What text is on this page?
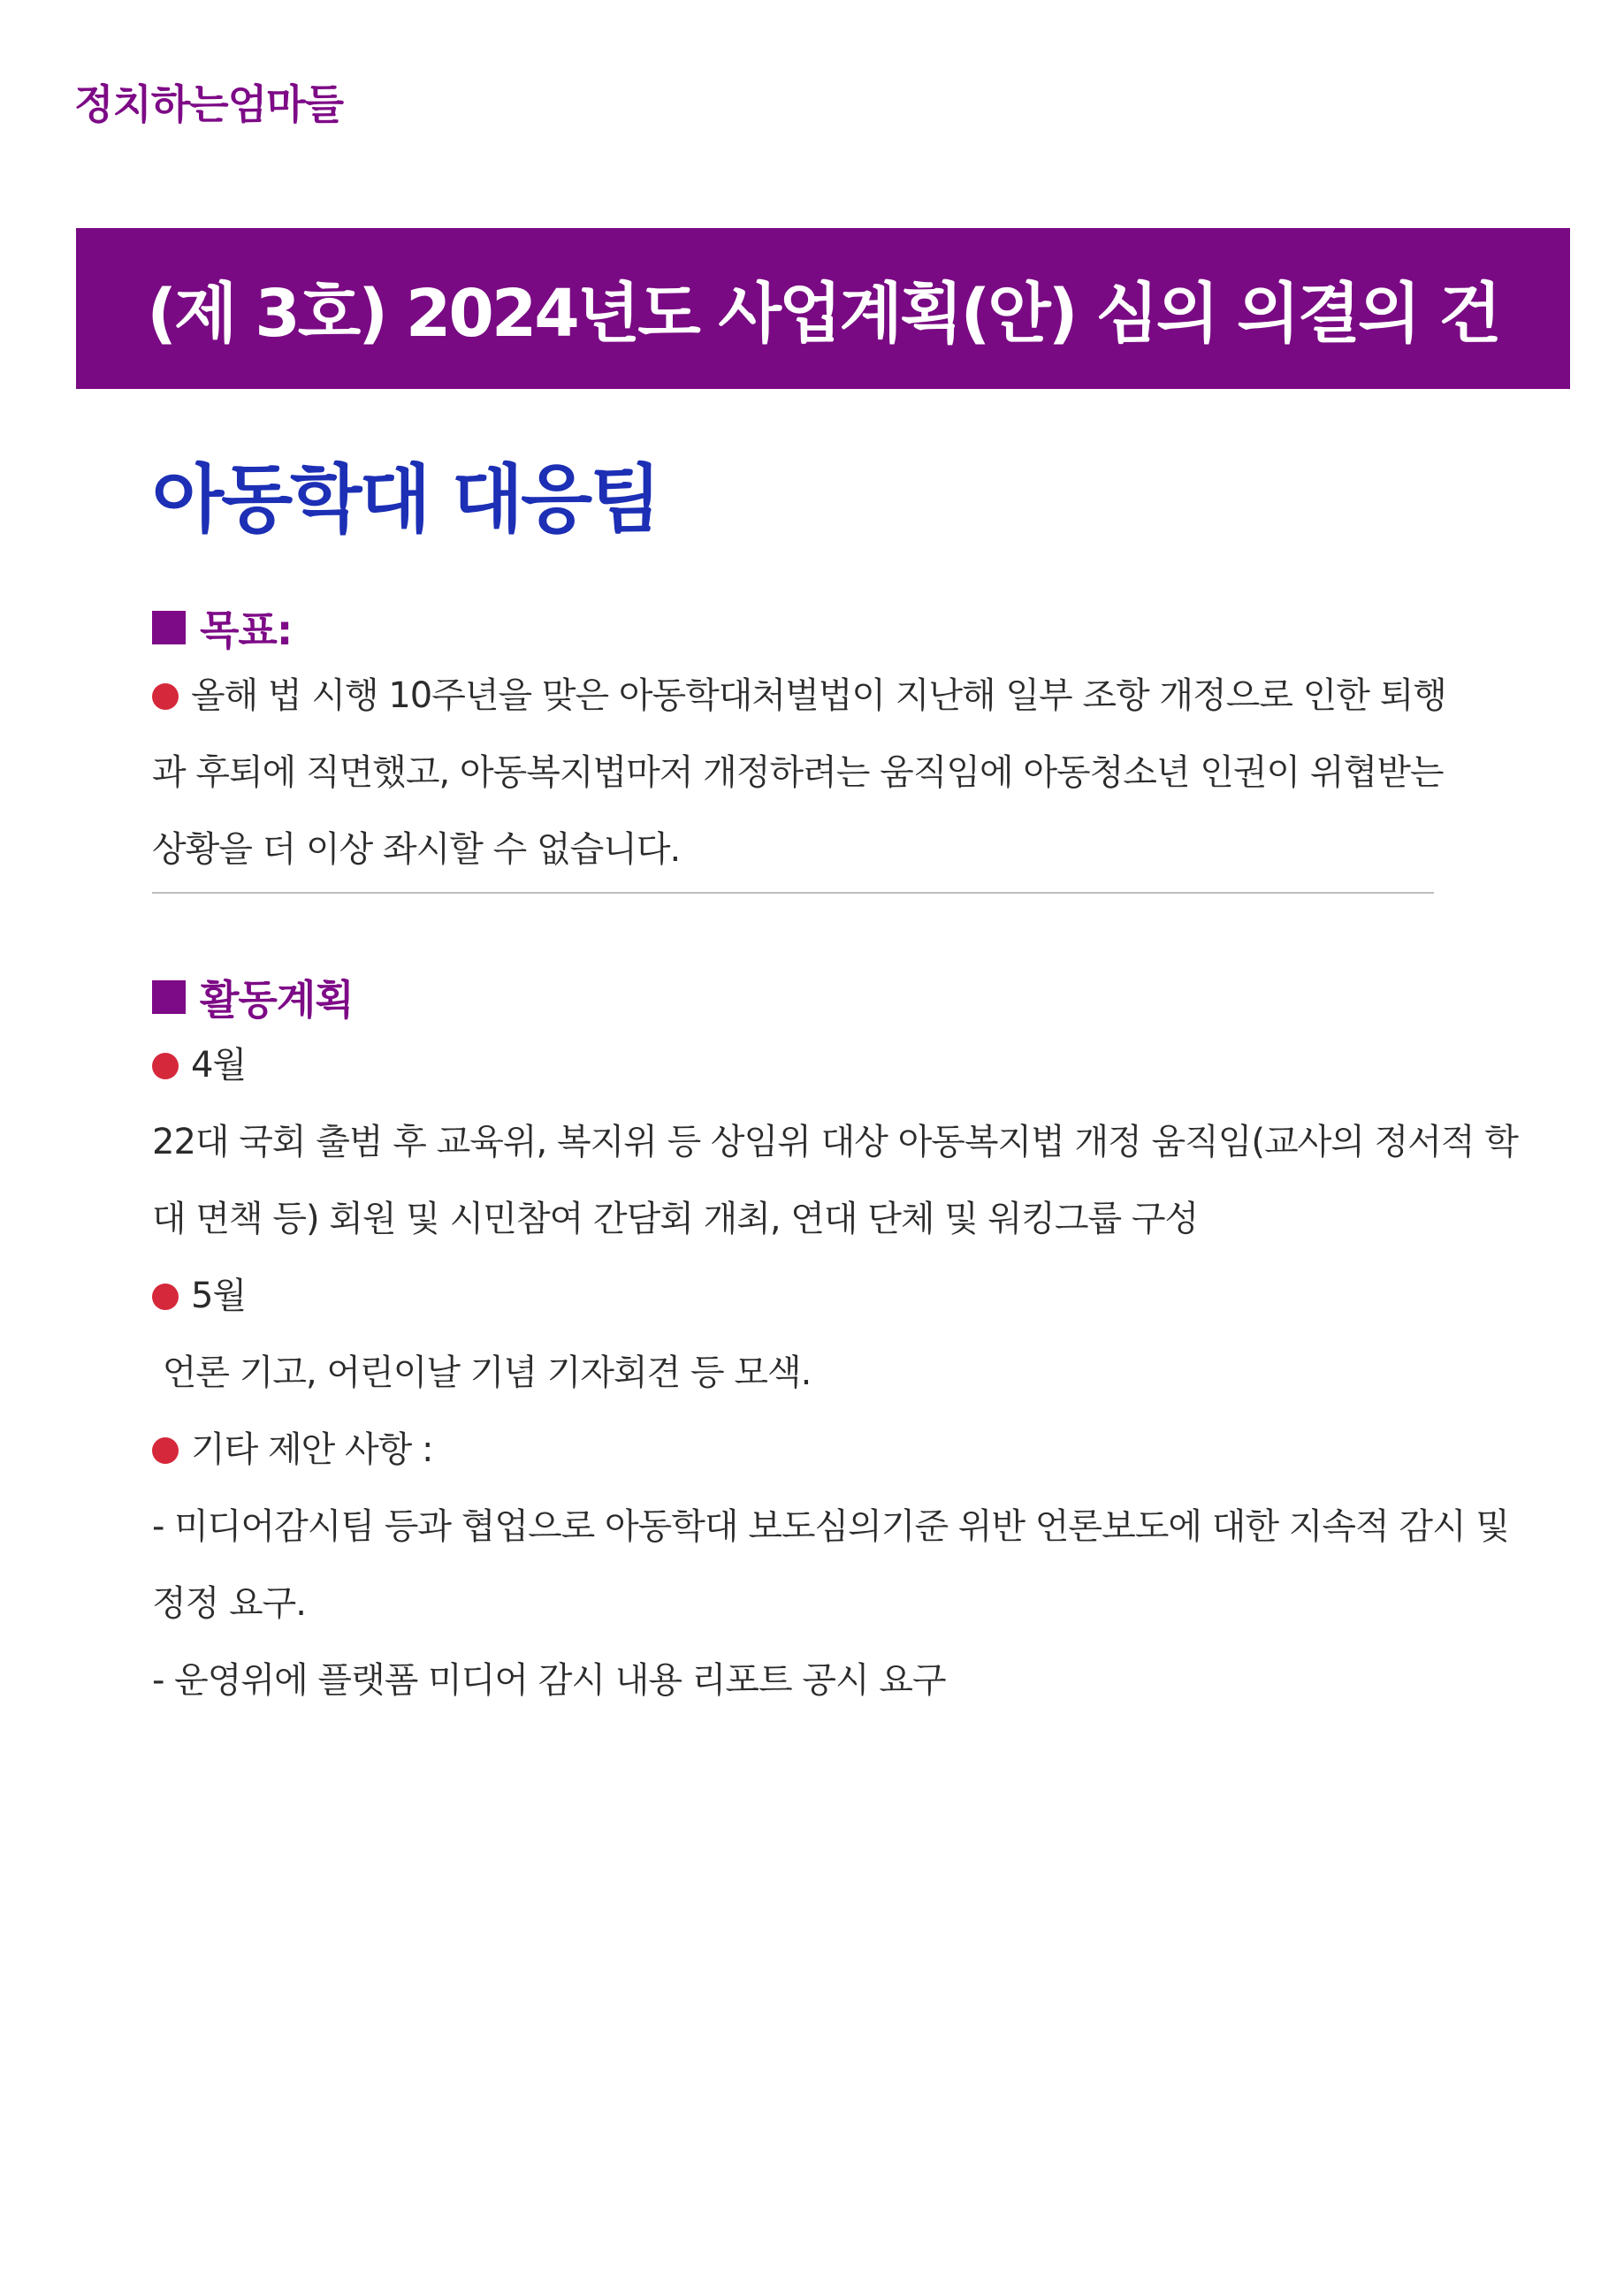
정치하는엄마들
(제 3호) 2024년도 사업계획(안) 심의 의결의 건
아동학대 대응팀
목표:
올해 법 시행 10주년을 맞은 아동학대처벌법이 지난해 일부 조항 개정으로 인한 퇴행
과 후퇴에 직면했고, 아동복지법마저 개정하려는 움직임에 아동청소년 인권이 위협받는
상황을 더 이상 좌시할 수 없습니다.
활동계획
4월
22대 국회 출범 후 교육위, 복지위 등 상임위 대상 아동복지법 개정 움직임(교사의 정서적 학
대 면책 등) 회원 및 시민참여 간담회 개최, 연대 단체 및 워킹그룹 구성
5월
언론 기고, 어린이날 기념 기자회견 등 모색.
기타 제안 사항 :
- 미디어감시팀 등과 협업으로 아동학대 보도심의기준 위반 언론보도에 대한 지속적 감시 및
정정 요구.
- 운영위에 플랫폼 미디어 감시 내용 리포트 공시 요구
